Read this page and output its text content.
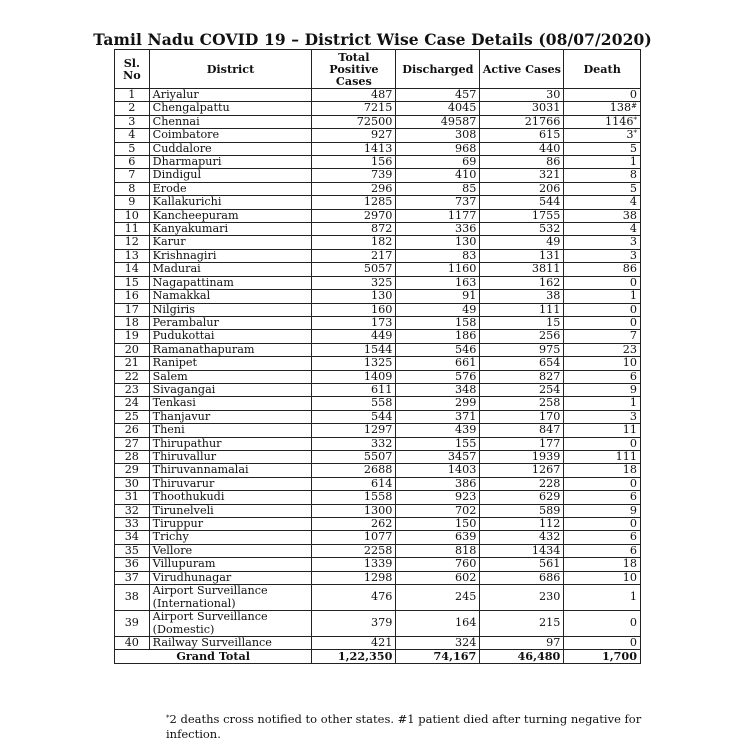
Tamil Nadu COVID 19 – District Wise Case Details (08/07/2020)
Sl. No	District	Total Positive Cases	Discharged	Active Cases	Death
1	Ariyalur	487	457	30	0
2	Chengalpattu	7215	4045	3031	138#
3	Chennai	72500	49587	21766	1146*
4	Coimbatore	927	308	615	3*
5	Cuddalore	1413	968	440	5
6	Dharmapuri	156	69	86	1
7	Dindigul	739	410	321	8
8	Erode	296	85	206	5
9	Kallakurichi	1285	737	544	4
10	Kancheepuram	2970	1177	1755	38
11	Kanyakumari	872	336	532	4
12	Karur	182	130	49	3
13	Krishnagiri	217	83	131	3
14	Madurai	5057	1160	3811	86
15	Nagapattinam	325	163	162	0
16	Namakkal	130	91	38	1
17	Nilgiris	160	49	111	0
18	Perambalur	173	158	15	0
19	Pudukottai	449	186	256	7
20	Ramanathapuram	1544	546	975	23
21	Ranipet	1325	661	654	10
22	Salem	1409	576	827	6
23	Sivagangai	611	348	254	9
24	Tenkasi	558	299	258	1
25	Thanjavur	544	371	170	3
26	Theni	1297	439	847	11
27	Thirupathur	332	155	177	0
28	Thiruvallur	5507	3457	1939	111
29	Thiruvannamalai	2688	1403	1267	18
30	Thiruvarur	614	386	228	0
31	Thoothukudi	1558	923	629	6
32	Tirunelveli	1300	702	589	9
33	Tiruppur	262	150	112	0
34	Trichy	1077	639	432	6
35	Vellore	2258	818	1434	6
36	Villupuram	1339	760	561	18
37	Virudhunagar	1298	602	686	10
38	Airport Surveillance (International)	476	245	230	1
39	Airport Surveillance (Domestic)	379	164	215	0
40	Railway Surveillance	421	324	97	0
Grand Total		1,22,350	74,167	46,480	1,700
*2 deaths cross notified to other states. #1 patient died after turning negative for infection.
